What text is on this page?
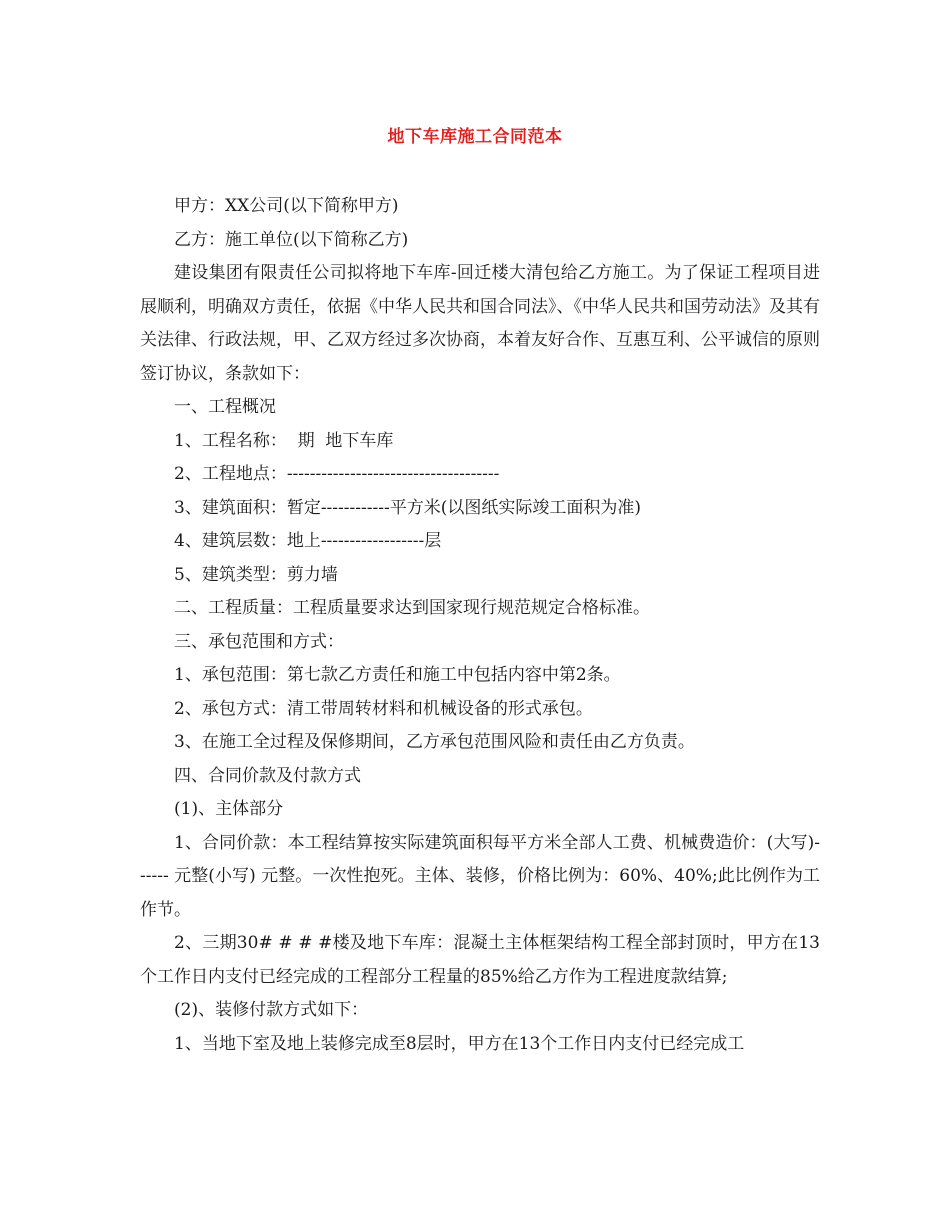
地下车库施工合同范本

甲方：XX公司(以下简称甲方)

乙方：施工单位(以下简称乙方)

建设集团有限责任公司拟将地下车库-回迁楼大清包给乙方施工。为了保证工程项目进展顺利，明确双方责任，依据《中华人民共和国合同法》、《中华人民共和国劳动法》及其有关法律、行政法规，甲、乙双方经过多次协商，本着友好合作、互惠互利、公平诚信的原则签订协议，条款如下：

一、工程概况

1、工程名称：  期  地下车库

2、工程地点：-------------------------------------

3、建筑面积：暂定------------平方米(以图纸实际竣工面积为准)

4、建筑层数：地上------------------层

5、建筑类型：剪力墙

二、工程质量：工程质量要求达到国家现行规范规定合格标准。

三、承包范围和方式：

1、承包范围：第七款乙方责任和施工中包括内容中第2条。

2、承包方式：清工带周转材料和机械设备的形式承包。

3、在施工全过程及保修期间，乙方承包范围风险和责任由乙方负责。

四、合同价款及付款方式

(1)、主体部分

1、合同价款：本工程结算按实际建筑面积每平方米全部人工费、机械费造价：(大写)------ 元整(小写) 元整。一次性抱死。主体、装修，价格比例为：60%、40%;此比例作为工作节。

2、三期30# # # #楼及地下车库：混凝土主体框架结构工程全部封顶时，甲方在13个工作日内支付已经完成的工程部分工程量的85%给乙方作为工程进度款结算;

(2)、装修付款方式如下：

1、当地下室及地上装修完成至8层时，甲方在13个工作日内支付已经完成工
